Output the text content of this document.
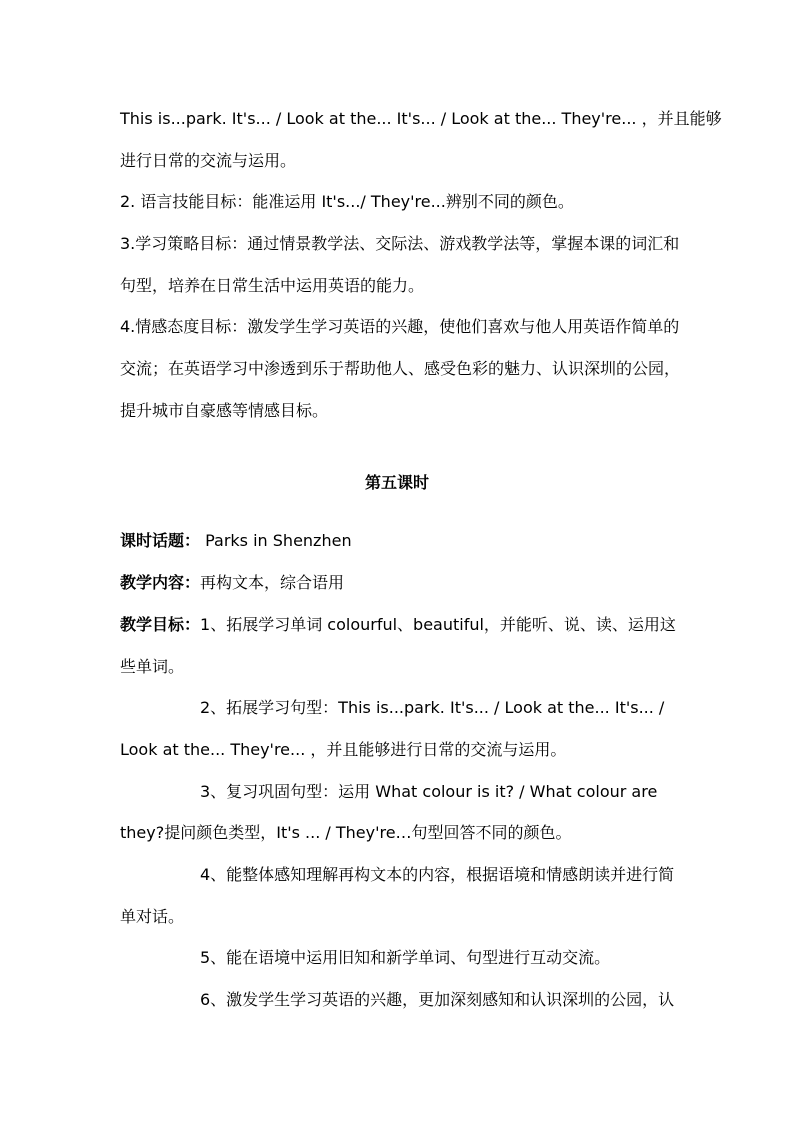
This is...park. It's... / Look at the... It's... / Look at the... They're... ，并且能够
进行日常的交流与运用。
2. 语言技能目标：能准运用 It's.../ They're...辨别不同的颜色。
3.学习策略目标：通过情景教学法、交际法、游戏教学法等，掌握本课的词汇和
句型，培养在日常生活中运用英语的能力。
4.情感态度目标：激发学生学习英语的兴趣，使他们喜欢与他人用英语作简单的
交流；在英语学习中渗透到乐于帮助他人、感受色彩的魅力、认识深圳的公园，
提升城市自豪感等情感目标。
第五课时
课时话题： Parks in Shenzhen
教学内容：再构文本，综合语用
教学目标：1、拓展学习单词 colourful、beautiful，并能听、说、读、运用这
些单词。
2、拓展学习句型：This is...park. It's... / Look at the... It's... /
Look at the... They're... ，并且能够进行日常的交流与运用。
3、复习巩固句型：运用 What colour is it? / What colour are
they?提问颜色类型，It's ... / They're…句型回答不同的颜色。
4、能整体感知理解再构文本的内容，根据语境和情感朗读并进行简
单对话。
5、能在语境中运用旧知和新学单词、句型进行互动交流。
6、激发学生学习英语的兴趣，更加深刻感知和认识深圳的公园，认
